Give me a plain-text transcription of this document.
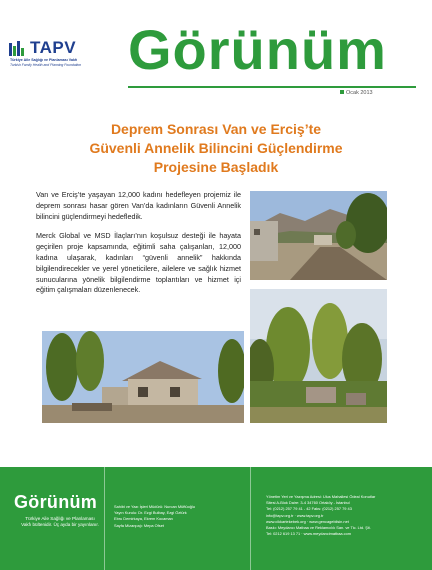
TAPV
Türkiye Aile Sağlığı ve Planlaması Vakfı
Turkish Family Health and Planning Foundation Görünüm
Ocak 2013
Deprem Sonrası Van ve Erciş’te
Güvenli Annelik Bilincini Güçlendirme
Projesine Başladık

Van ve Erciş’te yaşayan 12,000 kadını hedefleyen projemiz ile deprem sonrası hasar gören Van’da kadınların Güvenli Annelik bilincini güçlendirmeyi hedefledik.

Merck Global ve MSD İlaçları’nın koşulsuz desteği ile hayata geçirilen proje kapsamında, eğitimli saha çalışanları, 12,000 kadına ulaşarak, kadınları “güvenli annelik” hakkında bilgilendirecekler ve yerel yöneticilere, ailelere ve sağlık hizmet sunucularına yönelik bilgilendirme toplantıları ve hizmet içi eğitim çalışmaları düzenlenecek.

Görünüm
Türkiye Aile Sağlığı ve Planlaması Vakfı bültenidir. Üç ayda bir yayınlanır.
Sahibi ve Yazı İşleri Müdürü: Nurcan Müftüoğlu
Yayın Kurulu: Dr. Ezgi Bulbay, Ezgi Öztürk
Ebru Demirkaya, Ekrem Kocaman
Sayfa Mizanpajı: Mepa Ofset
Yönetim Yeri ve Yazışma Adresi: Ulus Mahallesi Ödeal Konutlar
Sitesi A-Blok Daire: 3-4 34760 Ortaköy - İstanbul
Tel: (0212) 257 79 41 - 42 Faks: (0212) 257 79 43
info@tapv.org.tr · www.tapv.org.tr
www.cikkartekebek.org · www.gencagebilsin.net
Baskı: Meydancı Matbaa ve Reklamcılık San. ve Tic. Ltd. Şti.
Tel: 0212 619 13 71 · www.meydancimatbaa.com
